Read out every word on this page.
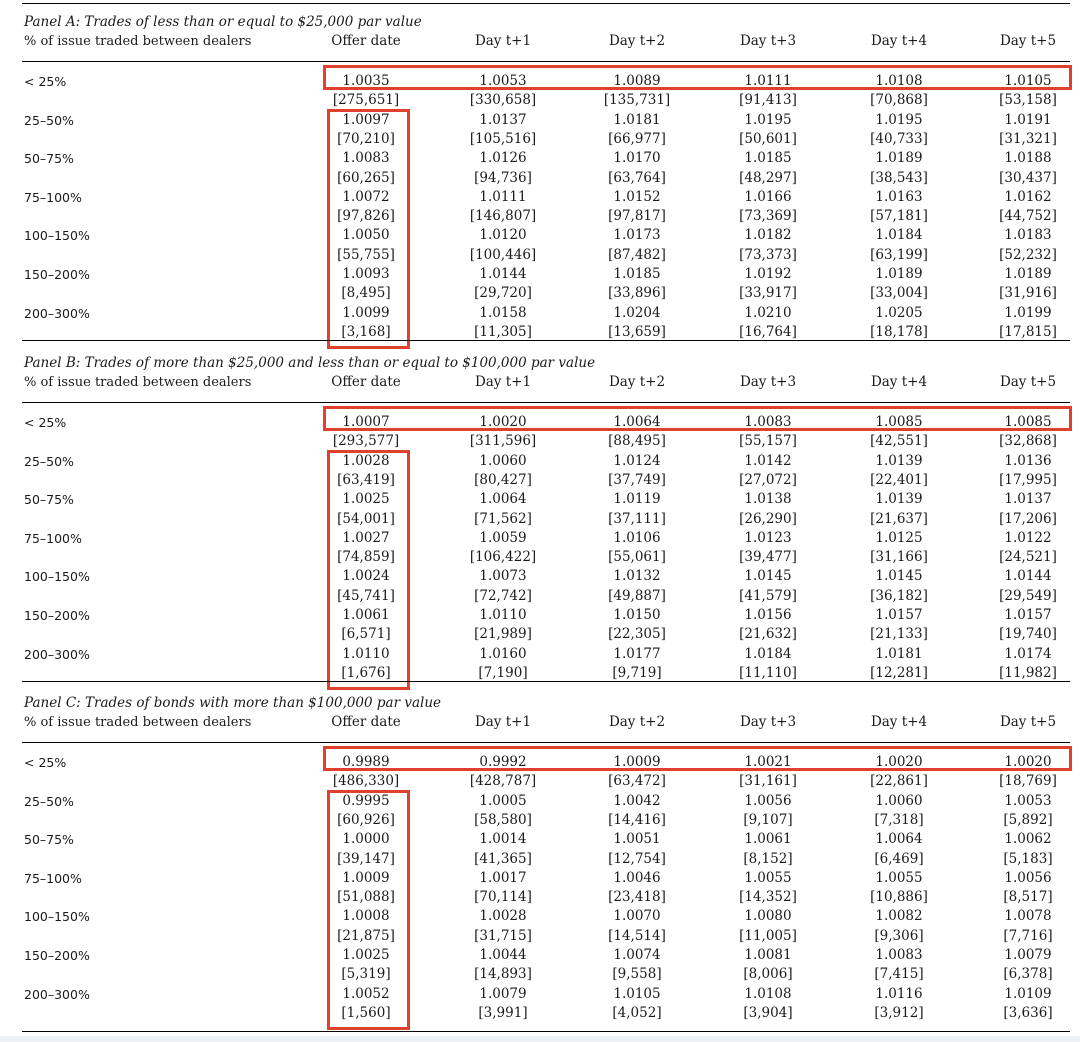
Panel A: Trades of less than or equal to $25,000 par value
% of issue traded between dealers	Offer date	Day t+1	Day t+2	Day t+3	Day t+4	Day t+5
< 25%	1.0035	1.0053	1.0089	1.0111	1.0108	1.0105
[275,651]	[330,658]	[135,731]	[91,413]	[70,868]	[53,158]
25–50%	1.0097	1.0137	1.0181	1.0195	1.0195	1.0191
[70,210]	[105,516]	[66,977]	[50,601]	[40,733]	[31,321]
50–75%	1.0083	1.0126	1.0170	1.0185	1.0189	1.0188
[60,265]	[94,736]	[63,764]	[48,297]	[38,543]	[30,437]
75–100%	1.0072	1.0111	1.0152	1.0166	1.0163	1.0162
[97,826]	[146,807]	[97,817]	[73,369]	[57,181]	[44,752]
100–150%	1.0050	1.0120	1.0173	1.0182	1.0184	1.0183
[55,755]	[100,446]	[87,482]	[73,373]	[63,199]	[52,232]
150–200%	1.0093	1.0144	1.0185	1.0192	1.0189	1.0189
[8,495]	[29,720]	[33,896]	[33,917]	[33,004]	[31,916]
200–300%	1.0099	1.0158	1.0204	1.0210	1.0205	1.0199
[3,168]	[11,305]	[13,659]	[16,764]	[18,178]	[17,815]
Panel B: Trades of more than $25,000 and less than or equal to $100,000 par value
% of issue traded between dealers	Offer date	Day t+1	Day t+2	Day t+3	Day t+4	Day t+5
< 25%	1.0007	1.0020	1.0064	1.0083	1.0085	1.0085
[293,577]	[311,596]	[88,495]	[55,157]	[42,551]	[32,868]
25–50%	1.0028	1.0060	1.0124	1.0142	1.0139	1.0136
[63,419]	[80,427]	[37,749]	[27,072]	[22,401]	[17,995]
50–75%	1.0025	1.0064	1.0119	1.0138	1.0139	1.0137
[54,001]	[71,562]	[37,111]	[26,290]	[21,637]	[17,206]
75–100%	1.0027	1.0059	1.0106	1.0123	1.0125	1.0122
[74,859]	[106,422]	[55,061]	[39,477]	[31,166]	[24,521]
100–150%	1.0024	1.0073	1.0132	1.0145	1.0145	1.0144
[45,741]	[72,742]	[49,887]	[41,579]	[36,182]	[29,549]
150–200%	1.0061	1.0110	1.0150	1.0156	1.0157	1.0157
[6,571]	[21,989]	[22,305]	[21,632]	[21,133]	[19,740]
200–300%	1.0110	1.0160	1.0177	1.0184	1.0181	1.0174
[1,676]	[7,190]	[9,719]	[11,110]	[12,281]	[11,982]
Panel C: Trades of bonds with more than $100,000 par value
% of issue traded between dealers	Offer date	Day t+1	Day t+2	Day t+3	Day t+4	Day t+5
< 25%	0.9989	0.9992	1.0009	1.0021	1.0020	1.0020
[486,330]	[428,787]	[63,472]	[31,161]	[22,861]	[18,769]
25–50%	0.9995	1.0005	1.0042	1.0056	1.0060	1.0053
[60,926]	[58,580]	[14,416]	[9,107]	[7,318]	[5,892]
50–75%	1.0000	1.0014	1.0051	1.0061	1.0064	1.0062
[39,147]	[41,365]	[12,754]	[8,152]	[6,469]	[5,183]
75–100%	1.0009	1.0017	1.0046	1.0055	1.0055	1.0056
[51,088]	[70,114]	[23,418]	[14,352]	[10,886]	[8,517]
100–150%	1.0008	1.0028	1.0070	1.0080	1.0082	1.0078
[21,875]	[31,715]	[14,514]	[11,005]	[9,306]	[7,716]
150–200%	1.0025	1.0044	1.0074	1.0081	1.0083	1.0079
[5,319]	[14,893]	[9,558]	[8,006]	[7,415]	[6,378]
200–300%	1.0052	1.0079	1.0105	1.0108	1.0116	1.0109
[1,560]	[3,991]	[4,052]	[3,904]	[3,912]	[3,636]
